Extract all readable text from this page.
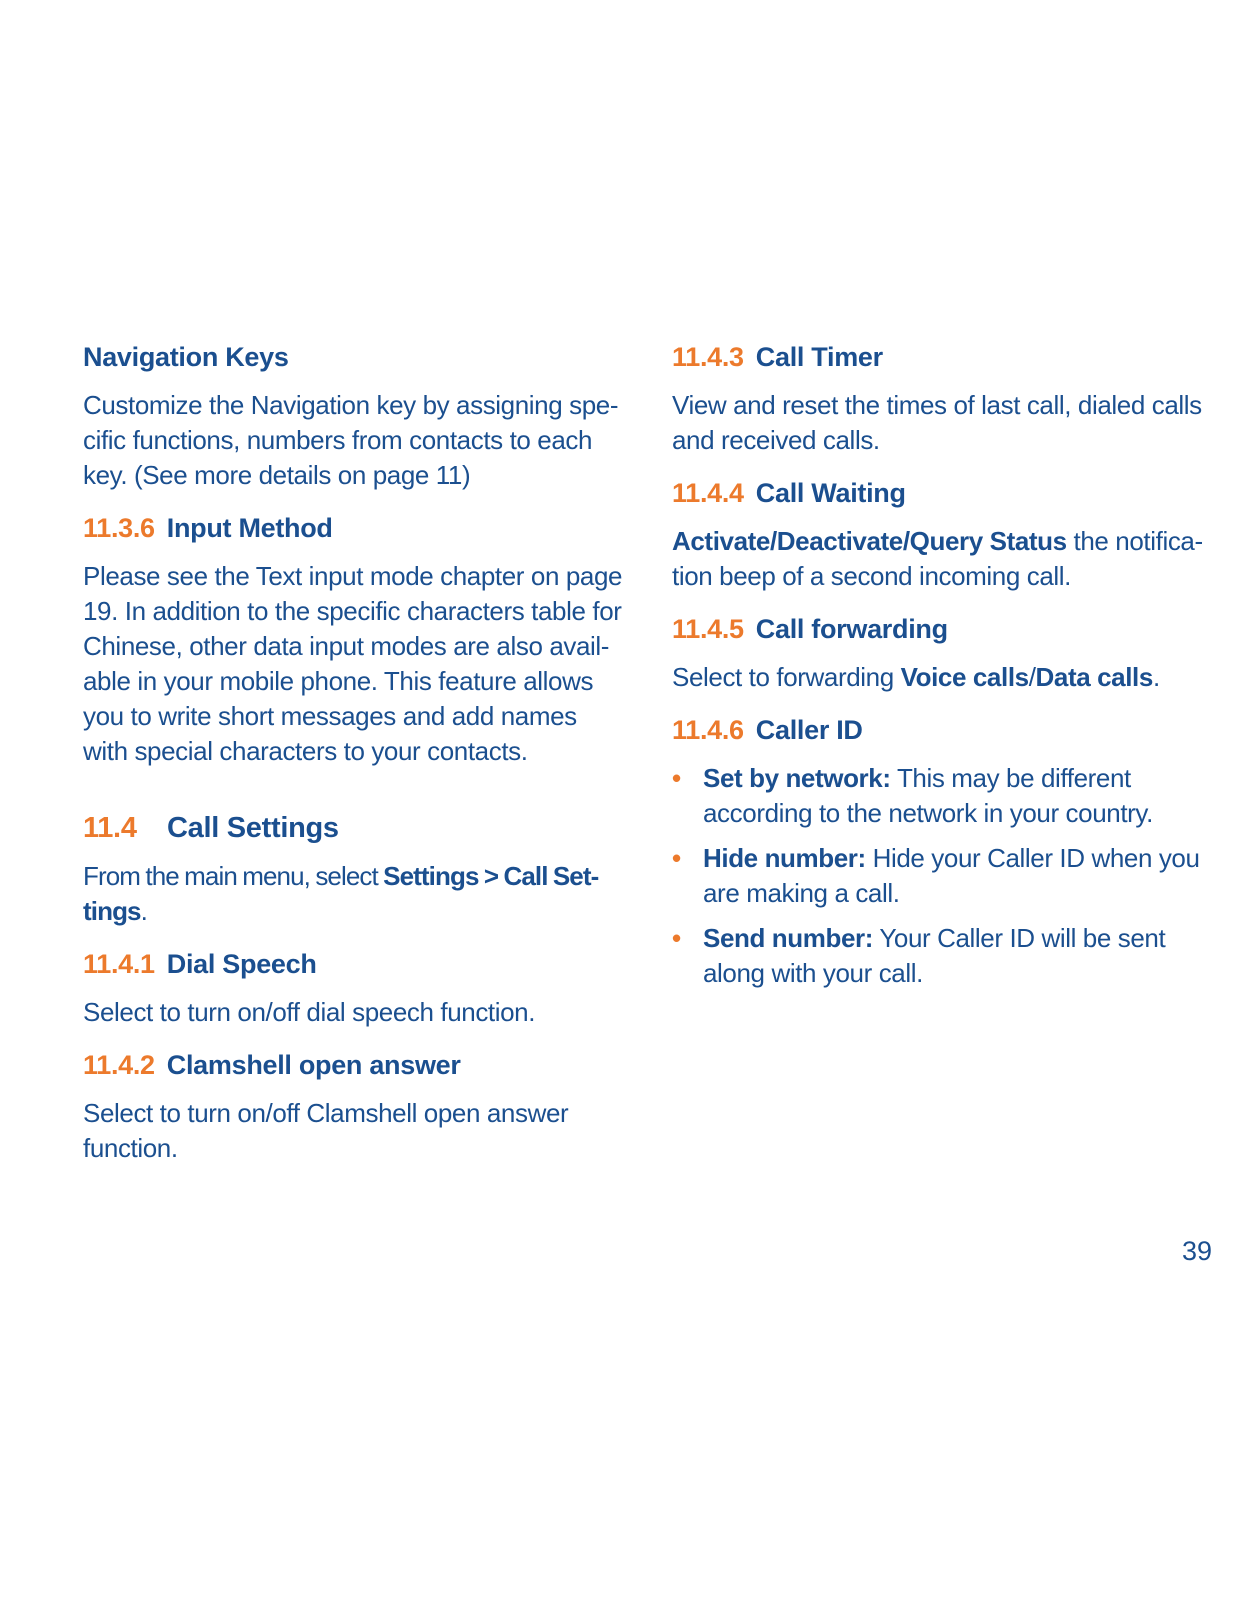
Navigation Keys

Customize the Navigation key by assigning spe-cific functions, numbers from contacts to each key. (See more details on page 11)

11.3.6 Input Method

Please see the Text input mode chapter on page 19. In addition to the specific characters table for Chinese, other data input modes are also avail-able in your mobile phone. This feature allows you to write short messages and add names with special characters to your contacts.

11.4 Call Settings

From the main menu, select Settings > Call Set-tings.

11.4.1 Dial Speech

Select to turn on/off dial speech function.

11.4.2 Clamshell open answer

Select to turn on/off Clamshell open answer function.

11.4.3 Call Timer

View and reset the times of last call, dialed calls and received calls.

11.4.4 Call Waiting

Activate/Deactivate/Query Status the notifica-tion beep of a second incoming call.

11.4.5 Call forwarding

Select to forwarding Voice calls/Data calls.

11.4.6 Caller ID
• Set by network: This may be different according to the network in your country.
• Hide number: Hide your Caller ID when you are making a call.
• Send number: Your Caller ID will be sent along with your call.
39
